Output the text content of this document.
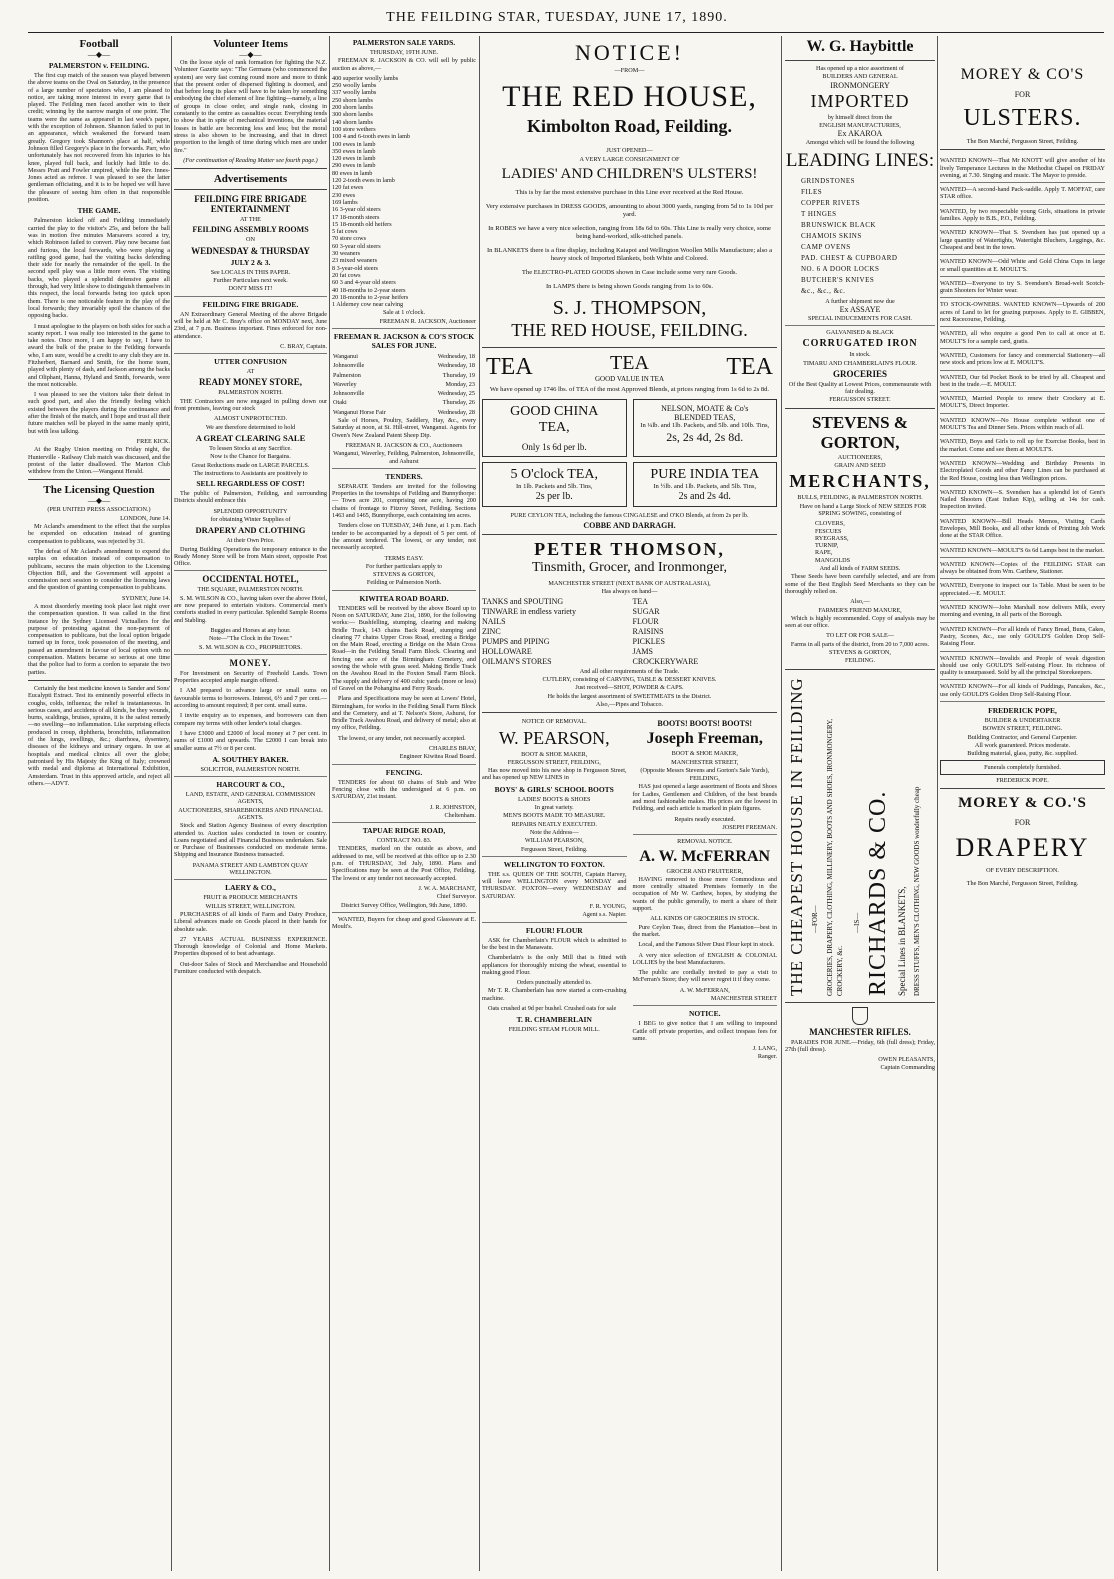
THE FEILDING STAR, TUESDAY, JUNE 17, 1890.
Football
—◆—
PALMERSTON v. FEILDING.

The first cup match of the season was played between the above teams on the Oval on Saturday, in the presence of a large number of spectators who, I am pleased to notice, are taking more interest in every game that is played. The Feilding men faced another win to their credit; winning by the narrow margin of one point. The teams were the same as appeared in last week's paper, with the exception of Johnson. Shannon failed to put in an appearance, which weakened the forward team greatly. Gregory took Shannon's place at half, while Johnson filled Gregory's place in the forwards. Parr, who unfortunately has not recovered from his injuries to his knee, played full back, and luckily had little to do. Messrs Pratt and Fowler umpired, while the Rev. Innes-Jones acted as referee. I was pleased to see the latter gentleman officiating, and it is to be hoped we will have the pleasure of seeing him often in that responsible position.

THE GAME.

Palmerston kicked off and Feilding immediately carried the play to the visitor's 25s, and before the ball was in motion five minutes Marsavers scored a try, which Robinson failed to convert. Play now became fast and furious, the local forwards, who were playing a rattling good game, had the visiting backs defending their side for nearly the remainder of the spell. In the second spell play was a little more even. The visiting backs, who played a splendid defensive game all through, had very little show to distinguish themselves in this respect, the local forwards being too quick upon them. There is one noticeable feature in the play of the local forwards; they invariably spoil the chances of the opposing backs.

I must apologise to the players on both sides for such a scanty report. I was really too interested in the game to take notes. Once more, I am happy to say, I have to award the bulk of the praise to the Feilding forwards who, I am sure, would be a credit to any club they are in. Fitzherbert, Barnard and Smith, for the home team, played with plenty of dash, and Jackson among the backs and Oliphant, Hanna, Hyland and Smith, forwards, were the most noticeable.

I was pleased to see the visitors take their defeat in such good part, and also the friendly feeling which existed between the players during the continuance and after the finish of the match, and I hope and trust all their future matches will be played in the same manly spirit, but with less talking.

FREE KICK.

At the Rugby Union meeting on Friday night, the Hunterville - Railway Club match was discussed, and the protest of the latter disallowed. The Marton Club withdrew from the Union.—Wanganui Herald.

The Licensing Question
—◆—
(PER UNITED PRESS ASSOCIATION.)
LONDON, June 14.

Mr Acland's amendment to the effect that the surplus be expended on education instead of granting compensation to publicans, was rejected by 31.

The defeat of Mr Acland's amendment to expend the surplus on education instead of compensation to publicans, secures the main objection to the Licensing Objection Bill, and the Government will appoint a commission next session to consider the licensing laws and the question of granting compensation to publicans.

SYDNEY, June 14.

A most disorderly meeting took place last night over the compensation question. It was called in the first instance by the Sydney Licensed Victuallers for the purpose of protesting against the non-payment of compensation to publicans, but the local option brigade turned up in force, took possession of the meeting, and passed an amendment in favour of local option with no compensation. Matters became so serious at one time that the police had to form a cordon to separate the two parties.

Certainly the best medicine known is Sander and Sons' Eucalypti Extract. Test its eminently powerful effects in coughs, colds, influenza; the relief is instantaneous. In serious cases, and accidents of all kinds, be they wounds, burns, scaldings, bruises, sprains, it is the safest remedy—no swelling—no inflammation. Like surprising effects produced in croup, diphtheria, bronchitis, inflammation of the lungs, swellings, &c.; diarrhoea, dysentery, diseases of the kidneys and urinary organs. In use at hospitals and medical clinics all over the globe; patronised by His Majesty the King of Italy; crowned with medal and diploma at International Exhibition, Amsterdam. Trust in this approved article, and reject all others.—ADVT.

Volunteer Items
—◆—

On the loose style of rank formation for fighting the N.Z. Volunteer Gazette says: "The Germans (who commenced the system) are very fast coming round more and more to think that the present order of dispersed fighting is doomed, and that before long its place will have to be taken by something embodying the chief element of line fighting—namely, a line of groups in close order, and single rank, closing in constantly to the centre as casualties occur. Everything tends to show that in spite of mechanical inventions, the material losses in battle are becoming less and less; but the moral stress is also shown to be increasing, and that in direct proportion to the length of time during which men are under fire."

(For continuation of Reading Matter see fourth page.)
Advertisements
FEILDING FIRE BRIGADE ENTERTAINMENT
AT THE
FEILDING ASSEMBLY ROOMS
ON
WEDNESDAY & THURSDAY
JULY 2 & 3.
See LOCALS IN THIS PAPER.
Further Particulars next week.
DON'T MISS IT!
FEILDING FIRE BRIGADE.

AN Extraordinary General Meeting of the above Brigade will be held at Mr C. Bray's office on MONDAY next, June 23rd, at 7 p.m. Business important. Fines enforced for non-attendance.

C. BRAY, Captain.
UTTER CONFUSION
AT
READY MONEY STORE,
PALMERSTON NORTH.

THE Contractors are now engaged in pulling down our front premises, leaving our stock

ALMOST UNPROTECTED.
We are therefore determined to hold
A GREAT CLEARING SALE
To lessen Stocks at any Sacrifice.
Now is the Chance for Bargains.
Great Reductions made on LARGE PARCELS.
The instructions to Assistants are positively to
SELL REGARDLESS OF COST!

The public of Palmerston, Feilding, and surrounding Districts should embrace this

SPLENDID OPPORTUNITY
for obtaining Winter Supplies of
DRAPERY AND CLOTHING
At their Own Price.

During Building Operations the temporary entrance to the Ready Money Store will be from Main street, opposite Post Office.

OCCIDENTAL HOTEL,
THE SQUARE, PALMERSTON NORTH.

S. M. WILSON & CO., having taken over the above Hotel, are now prepared to entertain visitors. Commercial men's comforts studied in every particular. Splendid Sample Rooms and Stabling.

Buggies and Horses at any hour.
Note—"The Clock in the Tower."
S. M. WILSON & CO., PROPRIETORS.
MONEY.

For Investment on Security of Freehold Lands. Town Properties accepted ample margin offered.

I AM prepared to advance large or small sums on favourable terms to borrowers. Interest, 6½ and 7 per cent.—according to amount required; 8 per cent. small sums.

I invite enquiry as to expenses, and borrowers can then compare my terms with other lender's total charges.

I have £3000 and £2000 of local money at 7 per cent. in sums of £1000 and upwards. The £2000 I can break into smaller sums at 7½ or 8 per cent.

A. SOUTHEY BAKER.
SOLICITOR, PALMERSTON NORTH.
HARCOURT & CO.,
LAND, ESTATE, AND GENERAL COMMISSION AGENTS,
AUCTIONEERS, SHAREBROKERS AND FINANCIAL AGENTS.

Stock and Station Agency Business of every description attended to. Auction sales conducted in town or country. Loans negotiated and all Financial Business undertaken. Sale or Purchase of Businesses conducted on moderate terms. Shipping and Insurance Business transacted.

PANAMA STREET AND LAMBTON QUAY WELLINGTON.
LAERY & CO.,
FRUIT & PRODUCE MERCHANTS
WILLIS STREET, WELLINGTON.

PURCHASERS of all kinds of Farm and Dairy Produce, Liberal advances made on Goods placed in their hands for absolute sale.

27 YEARS ACTUAL BUSINESS EXPERIENCE. Thorough knowledge of Colonial and Home Markets. Properties disposed of to best advantage.

Out-door Sales of Stock and Merchandise and Household Furniture conducted with despatch.

PALMERSTON SALE YARDS.
THURSDAY, 19TH JUNE.

FREEMAN R. JACKSON & CO. will sell by public auction as above,—

400 superior woolly lambs
250 woolly lambs
337 woolly lambs
250 shorn lambs
200 shorn lambs
300 shorn lambs
140 shorn lambs
100 store wethers
100 4 and 6-tooth ewes in lamb
100 ewes in lamb
350 ewes in lamb
120 ewes in lamb
290 ewes in lamb
80 ewes in lamb
120 2-tooth ewes in lamb
120 fat ewes
230 ewes
169 lambs
16 3-year old steers
17 18-month steers
15 18-month old heifers
5 fat cows
70 store cows
60 3-year old steers
30 weaners
23 mixed weaners
8 3-year-old steers
20 fat cows
60 3 and 4-year old steers
40 18-months to 2-year steers
20 18-months to 2-year heifers
1 Alderney cow near calving
Sale at 1 o'clock.
FREEMAN R. JACKSON, Auctioneer
FREEMAN R. JACKSON & CO'S STOCK SALES FOR JUNE.
Wanganui	Wednesday, 18
Johnsonville	Wednesday, 18
Palmerston	Thursday, 19
Waverley	Monday, 23
Johnsonville	Wednesday, 25
Otaki	Thursday, 26
Wanganui Horse Fair	Wednesday, 28

Sale of Horses, Poultry, Saddlery, Hay, &c., every Saturday at noon, at St. Hill-street, Wanganui. Agents for Owen's New Zealand Patent Sheep Dip.

FREEMAN R. JACKSON & CO., Auctioneers
Wanganui, Waverley, Feilding, Palmerston, Johnsonville, and Ashurst
TENDERS.

SEPARATE Tenders are invited for the following Properties in the townships of Feilding and Bunnythorpe:— Town acre 201, comprising one acre, having 200 chains of frontage to Fitzroy Street, Feilding. Sections 1463 and 1465, Bunnythorpe, each containing ten acres.

Tenders close on TUESDAY, 24th June, at 1 p.m. Each tender to be accompanied by a deposit of 5 per cent. of the amount tendered. The lowest, or any tender, not necessarily accepted.

TERMS EASY.
For further particulars apply to
STEVENS & GORTON,
Feilding or Palmerston North.
KIWITEA ROAD BOARD.

TENDERS will be received by the above Board up to Noon on SATURDAY, June 21st, 1890, for the following works:— Bushfelling, stumping, clearing and making Bridle Track, 143 chains Back Road, stumping and clearing 77 chains Upper Cross Road, erecting a Bridge on the Main Road, erecting a Bridge on the Main Cross Road—in the Feilding Small Farm Block. Clearing and fencing one acre of the Birmingham Cemetery, and sowing the whole with grass seed. Making Bridle Track on the Awahou Road in the Foxton Small Farm Block. The supply and delivery of 400 cubic yards (more or less) of Gravel on the Pohangina and Ferry Roads.

Plans and Specifications may be seen at Lowes' Hotel, Birmingham, for works in the Feilding Small Farm Block and the Cemetery, and at T. Nelson's Store, Ashurst, for Bridle Track Awahou Road, and delivery of metal; also at my office, Feilding.

The lowest, or any tender, not necessarily accepted.

CHARLES BRAY,
Engineer Kiwitea Road Board.
FENCING.

TENDERS for about 60 chains of Stub and Wire Fencing close with the undersigned at 6 p.m. on SATURDAY, 21st instant.

J. R. JOHNSTON,
Cheltenham.
TAPUAE RIDGE ROAD,
CONTRACT NO. 83.

TENDERS, marked on the outside as above, and addressed to me, will be received at this office up to 2.30 p.m. of THURSDAY, 3rd July, 1890. Plans and Specifications may be seen at the Post Office, Feilding. The lowest or any tender not necessarily accepted.

J. W. A. MARCHANT,
Chief Surveyor.
District Survey Office, Wellington, 9th June, 1890.

WANTED, Buyers for cheap and good Glassware at E. Moult's.

NOTICE!
—FROM—
THE RED HOUSE,
Kimbolton Road, Feilding.
JUST OPENED—
A VERY LARGE CONSIGNMENT OF
LADIES' AND CHILDREN'S ULSTERS!
This is by far the most extensive purchase in this Line ever received at the Red House.
Very extensive purchases in DRESS GOODS, amounting to about 3000 yards, ranging from 5d to 1s 10d per yard.
In ROBES we have a very nice selection, ranging from 18s 6d to 60s. This Line is really very choice, some being hand-worked, silk-stitched panels.
In BLANKETS there is a fine display, including Kaiapoi and Wellington Woollen Mills Manufacture; also a heavy stock of Imported Blankets, both White and Colored.
The ELECTRO-PLATED GOODS shown in Case include some very rare Goods.
In LAMPS there is being shown Goods ranging from 1s to 60s.
S. J. THOMPSON,
THE RED HOUSE, FEILDING.
TEA	TEA
GOOD VALUE IN TEA	TEA
We have opened up 1746 lbs. of TEA of the most Approved Blends, at prices ranging from 1s 6d to 2s 8d.
GOOD CHINA
TEA,
Only 1s 6d per lb.
NELSON, MOATE & Co's
BLENDED TEAS,
In ¼lb. and 1lb. Packets, and 5lb. and 10lb. Tins,
2s, 2s 4d, 2s 8d.
5 O'clock TEA,
In 1lb. Packets and 5lb. Tins,
2s per lb.
PURE INDIA TEA
In ½lb. and 1lb. Packets, and 5lb. Tins,
2s and 2s 4d.
PURE CEYLON TEA, including the famous CINGALESE and O'KO Blends, at from 2s per lb.
COBBE AND DARRAGH.
PETER THOMSON,
Tinsmith, Grocer, and Ironmonger,
MANCHESTER STREET (NEXT BANK OF AUSTRALASIA),
Has always on hand—
TANKS and SPOUTING
TINWARE in endless variety
NAILS
ZINC
PUMPS and PIPING
HOLLOWARE
OILMAN'S STORES
TEA
SUGAR
FLOUR
RAISINS
PICKLES
JAMS
CROCKERYWARE
And all other requirements of the Trade.
CUTLERY, consisting of CARVING, TABLE & DESSERT KNIVES.
Just received—SHOT, POWDER & CAPS.
He holds the largest assortment of SWEETMEATS in the District.
Also,—Pipes and Tobacco.
NOTICE OF REMOVAL.
W. PEARSON,
BOOT & SHOE MAKER,
FERGUSSON STREET, FEILDING,

Has now moved into his new shop in Fergusson Street, and has opened up NEW LINES in

BOYS' & GIRLS' SCHOOL BOOTS
LADIES' BOOTS & SHOES
In great variety.
MEN'S BOOTS MADE TO MEASURE.
REPAIRS NEATLY EXECUTED.
Note the Address—
WILLIAM PEARSON,
Fergusson Street, Feilding.
WELLINGTON TO FOXTON.

THE s.s. QUEEN OF THE SOUTH, Captain Harvey, will leave WELLINGTON every MONDAY and THURSDAY. FOXTON—every WEDNESDAY and SATURDAY.

F. R. YOUNG,
Agent s.s. Napier.
FLOUR! FLOUR

ASK for Chamberlain's FLOUR which is admitted to be the best in the Manawatu.

Chamberlain's is the only Mill that is fitted with appliances for thoroughly mixing the wheat, essential to making good Flour.

Orders punctually attended to.

Mr T. R. Chamberlain has now started a corn-crushing machine.

Oats crushed at 9d per bushel. Crushed oats for sale

T. R. CHAMBERLAIN
FEILDING STEAM FLOUR MILL.
BOOTS! BOOTS! BOOTS!
Joseph Freeman,
BOOT & SHOE MAKER,
MANCHESTER STREET,
(Opposite Messrs Stevens and Gorton's Sale Yards),
FEILDING,

HAS just opened a large assortment of Boots and Shoes for Ladies, Gentlemen and Children, of the best brands and most fashionable makes. His prices are the lowest in Feilding, and each article is marked in plain figures.

Repairs neatly executed.
JOSEPH FREEMAN.
REMOVAL NOTICE.
A. W. McFERRAN
GROCER AND FRUITERER,

HAVING removed to those more Commodious and more centrally situated Premises formerly in the occupation of Mr W. Carthew, hopes, by studying the wants of the public generally, to merit a share of their support.

ALL KINDS OF GROCERIES IN STOCK.

Pure Ceylon Teas, direct from the Plantation—best in the market.

Local, and the Famous Silver Dust Flour kept in stock.

A very nice selection of ENGLISH & COLONIAL LOLLIES by the best Manufacturers.

The public are cordially invited to pay a visit to McFerran's Store; they will never regret it if they come.

A. W. McFERRAN,
MANCHESTER STREET
NOTICE.

I BEG to give notice that I am willing to impound Cattle off private properties, and collect trespass fees for same.

J. LANG,
Ranger.
W. G. Haybittle
Has opened up a nice assortment of
BUILDERS AND GENERAL
IRONMONGERY
IMPORTED
by himself direct from the
ENGLISH MANUFACTURIES,
Ex AKAROA
Amongst which will be found the following
LEADING LINES:
GRINDSTONES
FILES
COPPER RIVETS
T HINGES
BRUNSWICK BLACK
CHAMOIS SKINS
CAMP OVENS
PAD. CHEST & CUPBOARD
NO. 6 A DOOR LOCKS
BUTCHER'S KNIVES
&c., &c., &c.
A further shipment now due
Ex ASSAYE
SPECIAL INDUCEMENTS FOR CASH.
GALVANISED & BLACK
CORRUGATED IRON
In stock.
TIMARU AND CHAMBERLAIN'S FLOUR.
GROCERIES
Of the Best Quality at Lowest Prices, commensurate with fair dealing.
FERGUSSON STREET.
STEVENS & GORTON,
AUCTIONEERS,
GRAIN AND SEED
MERCHANTS,
BULLS, FEILDING, & PALMERSTON NORTH.

Have on hand a Large Stock of NEW SEEDS FOR SPRING SOWING, consisting of

CLOVERS,
FESCUES
RYEGRASS,
TURNIP,
RAPE,
MANGOLDS
And all kinds of FARM SEEDS.

These Seeds have been carefully selected, and are from some of the Best English Seed Merchants so they can be thoroughly relied on.

Also,—
FARMER'S FRIEND MANURE,

Which is highly recommended. Copy of analysis may be seen at our office.

TO LET OR FOR SALE—
Farms in all parts of the district, from 20 to 7,000 acres.
STEVENS & GORTON,
FEILDING.
THE CHEAPEST HOUSE IN FEILDING —FOR— GROCERIES, DRAPERY, CLOTHING, MILLINERY, BOOTS AND SHOES, IRONMONGERY, CROCKERY, &c.
—IS— RICHARDS & CO. Special Lines in BLANKETS, DRESS STUFFS, MEN'S CLOTHING, NEW GOODS wonderfully cheap
MANCHESTER RIFLES.

PARADES FOR JUNE.—Friday, 6th (full dress); Friday, 27th (full dress).

OWEN PLEASANTS,
Captain Commanding
MOREY & CO'S
FOR
ULSTERS.
The Bon Marché, Fergusson Street, Feilding.

WANTED KNOWN—That Mr KNOTT will give another of his lively Temperance Lectures in the Methodist Chapel on FRIDAY evening, at 7.30. Singing and music. The Mayor to preside.

WANTED—A second-hand Pack-saddle. Apply T. MOFFAT, care STAR office.

WANTED, by two respectable young Girls, situations in private families. Apply to B.B., P.O., Feilding.

WANTED KNOWN—That S. Svendsen has just opened up a large quantity of Watertights, Watertight Bluchers, Leggings, &c. Cheapest and best in the town.

WANTED KNOWN—Odd White and Gold China Cups in large or small quantities at E. MOULT'S.

WANTED—Everyone to try S. Svendsen's Broad-welt Scotch-grain Shooters for Winter wear.

TO STOCK-OWNERS. WANTED KNOWN—Upwards of 200 acres of Land to let for grazing purposes. Apply to E. GIBBEN, next Racecourse, Feilding.

WANTED, all who require a good Pen to call at once at E. MOULT'S for a sample card, gratis.

WANTED, Customers for fancy and commercial Stationery—all new stock and prices low at E. MOULT'S.

WANTED, Our 6d Pocket Book to be tried by all. Cheapest and best in the trade.—E. MOULT.

WANTED, Married People to renew their Crockery at E. MOULT'S, Direct Importer.

WANTED KNOWN—No House complete without one of MOULT'S Tea and Dinner Sets. Prices within reach of all.

WANTED, Boys and Girls to roll up for Exercise Books, best in the market. Come and see them at MOULT'S.

WANTED KNOWN—Wedding and Birthday Presents in Electroplated Goods and other Fancy Lines can be purchased at the Red House, costing less than Wellington prices.

WANTED KNOWN—S. Svendsen has a splendid lot of Gent's Nailed Shooters (East Indian Kip), selling at 14s for cash. Inspection invited.

WANTED KNOWN—Bill Heads Memos, Visiting Cards Envelopes, Mill Books, and all other kinds of Printing Job Work done at the STAR Office.

WANTED KNOWN—MOULT'S 6s 6d Lamps best in the market.

WANTED KNOWN—Copies of the FEILDING STAR can always be obtained from Wm. Carthew, Stationer.

WANTED, Everyone to inspect our 1s Table. Must be seen to be appreciated.—E. MOULT.

WANTED KNOWN—John Marshall now delivers Milk, every morning and evening, in all parts of the Borough.

WANTED KNOWN—For all kinds of Fancy Bread, Buns, Cakes, Pastry, Scones, &c., use only GOULD'S Golden Drop Self-Raising Flour.

WANTED KNOWN—Invalids and People of weak digestion should use only GOULD'S Self-raising Flour. Its richness of quality is unsurpassed. Sold by all the principal Storekeepers.

WANTED KNOWN—For all kinds of Puddings, Pancakes, &c., use only GOULD'S Golden Drop Self-Raising Flour.

FREDERICK POPE,
BUILDER & UNDERTAKER
BOWEN STREET, FEILDING.
Building Contractor, and General Carpenter.
All work guaranteed. Prices moderate.
Building material, glass, putty, &c. supplied.
Funerals completely furnished.
FREDERICK POPE.
MOREY & CO.'S
FOR
DRAPERY
OF EVERY DESCRIPTION.
The Bon Marché, Fergusson Street, Feilding.
